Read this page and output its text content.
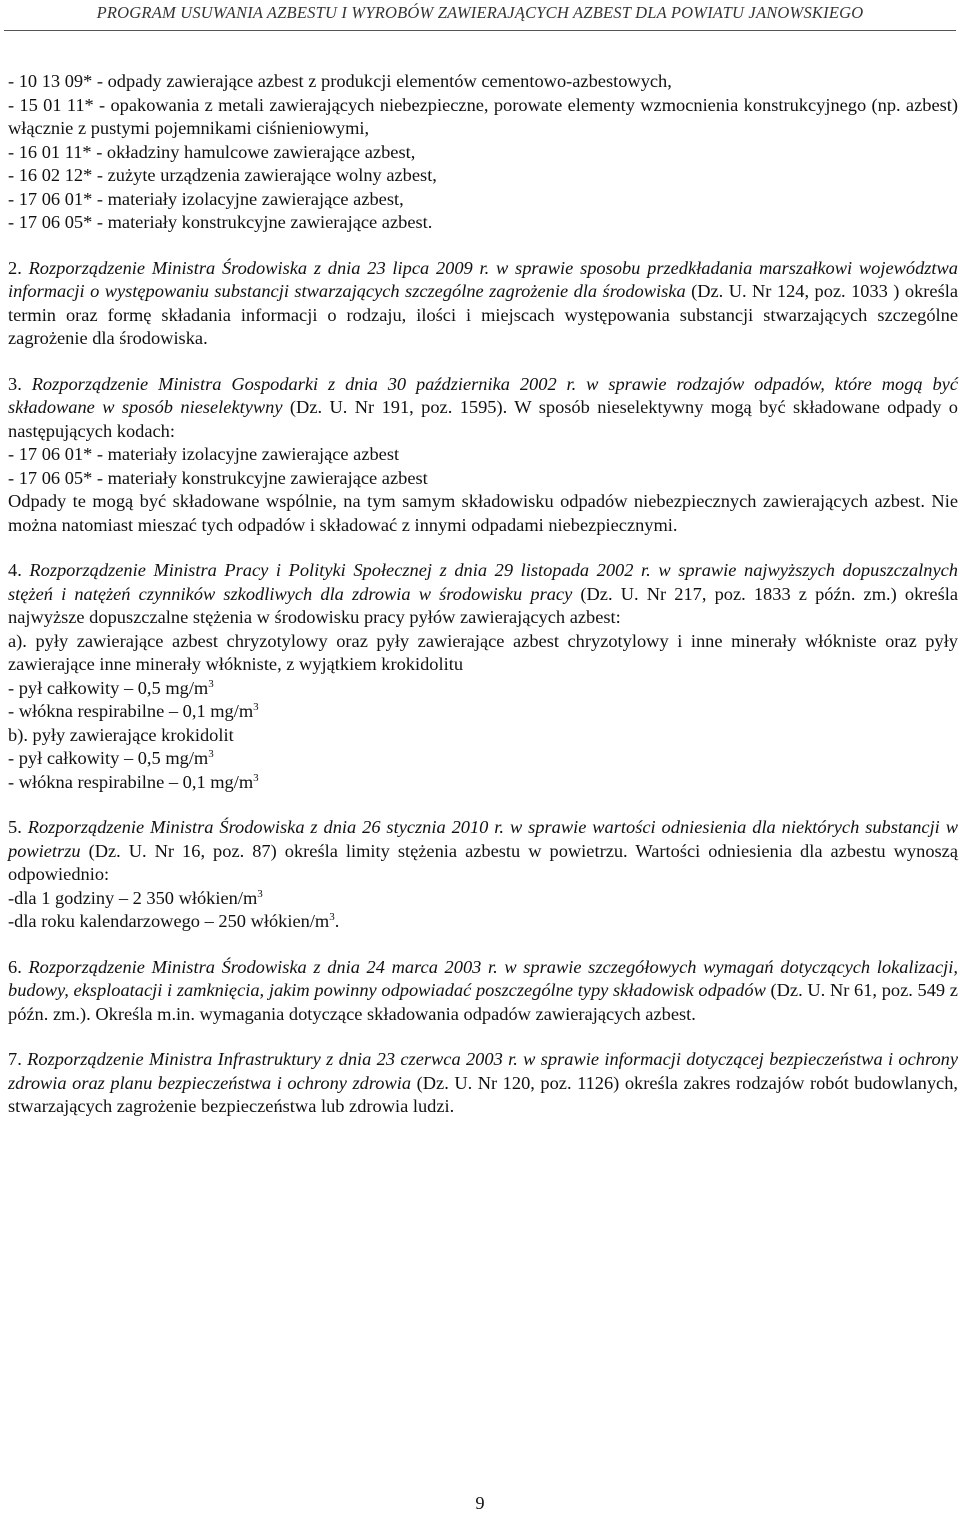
PROGRAM USUWANIA AZBESTU I WYROBÓW ZAWIERAJĄCYCH AZBEST DLA POWIATU JANOWSKIEGO
- 10 13 09* - odpady zawierające azbest z produkcji elementów cementowo-azbestowych,
- 15 01 11* - opakowania z metali zawierających niebezpieczne, porowate elementy wzmocnienia konstrukcyjnego (np. azbest) włącznie z pustymi pojemnikami ciśnieniowymi,
- 16 01 11* - okładziny hamulcowe zawierające azbest,
- 16 02 12* - zużyte urządzenia zawierające wolny azbest,
- 17 06 01* - materiały izolacyjne zawierające azbest,
- 17 06 05* - materiały konstrukcyjne zawierające azbest.

2. Rozporządzenie Ministra Środowiska z dnia 23 lipca 2009 r. w sprawie sposobu przedkładania marszałkowi województwa informacji o występowaniu substancji stwarzających szczególne zagrożenie dla środowiska (Dz. U. Nr 124, poz. 1033 ) określa termin oraz formę składania informacji o rodzaju, ilości i miejscach występowania substancji stwarzających szczególne zagrożenie dla środowiska.

3. Rozporządzenie Ministra Gospodarki z dnia 30 października 2002 r. w sprawie rodzajów odpadów, które mogą być składowane w sposób nieselektywny (Dz. U. Nr 191, poz. 1595). W sposób nieselektywny mogą być składowane odpady o następujących kodach:
- 17 06 01* - materiały izolacyjne zawierające azbest
- 17 06 05* - materiały konstrukcyjne zawierające azbest
Odpady te mogą być składowane wspólnie, na tym samym składowisku odpadów niebezpiecznych zawierających azbest. Nie można natomiast mieszać tych odpadów i składować z innymi odpadami niebezpiecznymi.
4. Rozporządzenie Ministra Pracy i Polityki Społecznej z dnia 29 listopada 2002 r. w sprawie najwyższych dopuszczalnych stężeń i natężeń czynników szkodliwych dla zdrowia w środowisku pracy (Dz. U. Nr 217, poz. 1833 z późn. zm.) określa najwyższe dopuszczalne stężenia w środowisku pracy pyłów zawierających azbest:
a). pyły zawierające azbest chryzotylowy oraz pyły zawierające azbest chryzotylowy i inne minerały włókniste oraz pyły zawierające inne minerały włókniste, z wyjątkiem krokidolitu
- pył całkowity – 0,5 $mg/m^3$
- włókna respirabilne – 0,1 $mg/m^3$
b). pyły zawierające krokidolit
- pył całkowity – 0,5 $mg/m^3$
- włókna respirabilne – 0,1 $mg/m^3$
5. Rozporządzenie Ministra Środowiska z dnia 26 stycznia 2010 r. w sprawie wartości odniesienia dla niektórych substancji w powietrzu (Dz. U. Nr 16, poz. 87) określa limity stężenia azbestu w powietrzu. Wartości odniesienia dla azbestu wynoszą odpowiednio:
-dla 1 godziny – 2 350 włókien/$m^3$
-dla roku kalendarzowego – 250 włókien/$m^3$.

6. Rozporządzenie Ministra Środowiska z dnia 24 marca 2003 r. w sprawie szczegółowych wymagań dotyczących lokalizacji, budowy, eksploatacji i zamknięcia, jakim powinny odpowiadać poszczególne typy składowisk odpadów (Dz. U. Nr 61, poz. 549 z późn. zm.). Określa m.in. wymagania dotyczące składowania odpadów zawierających azbest.

7. Rozporządzenie Ministra Infrastruktury z dnia 23 czerwca 2003 r. w sprawie informacji dotyczącej bezpieczeństwa i ochrony zdrowia oraz planu bezpieczeństwa i ochrony zdrowia (Dz. U. Nr 120, poz. 1126) określa zakres rodzajów robót budowlanych, stwarzających zagrożenie bezpieczeństwa lub zdrowia ludzi.

9
